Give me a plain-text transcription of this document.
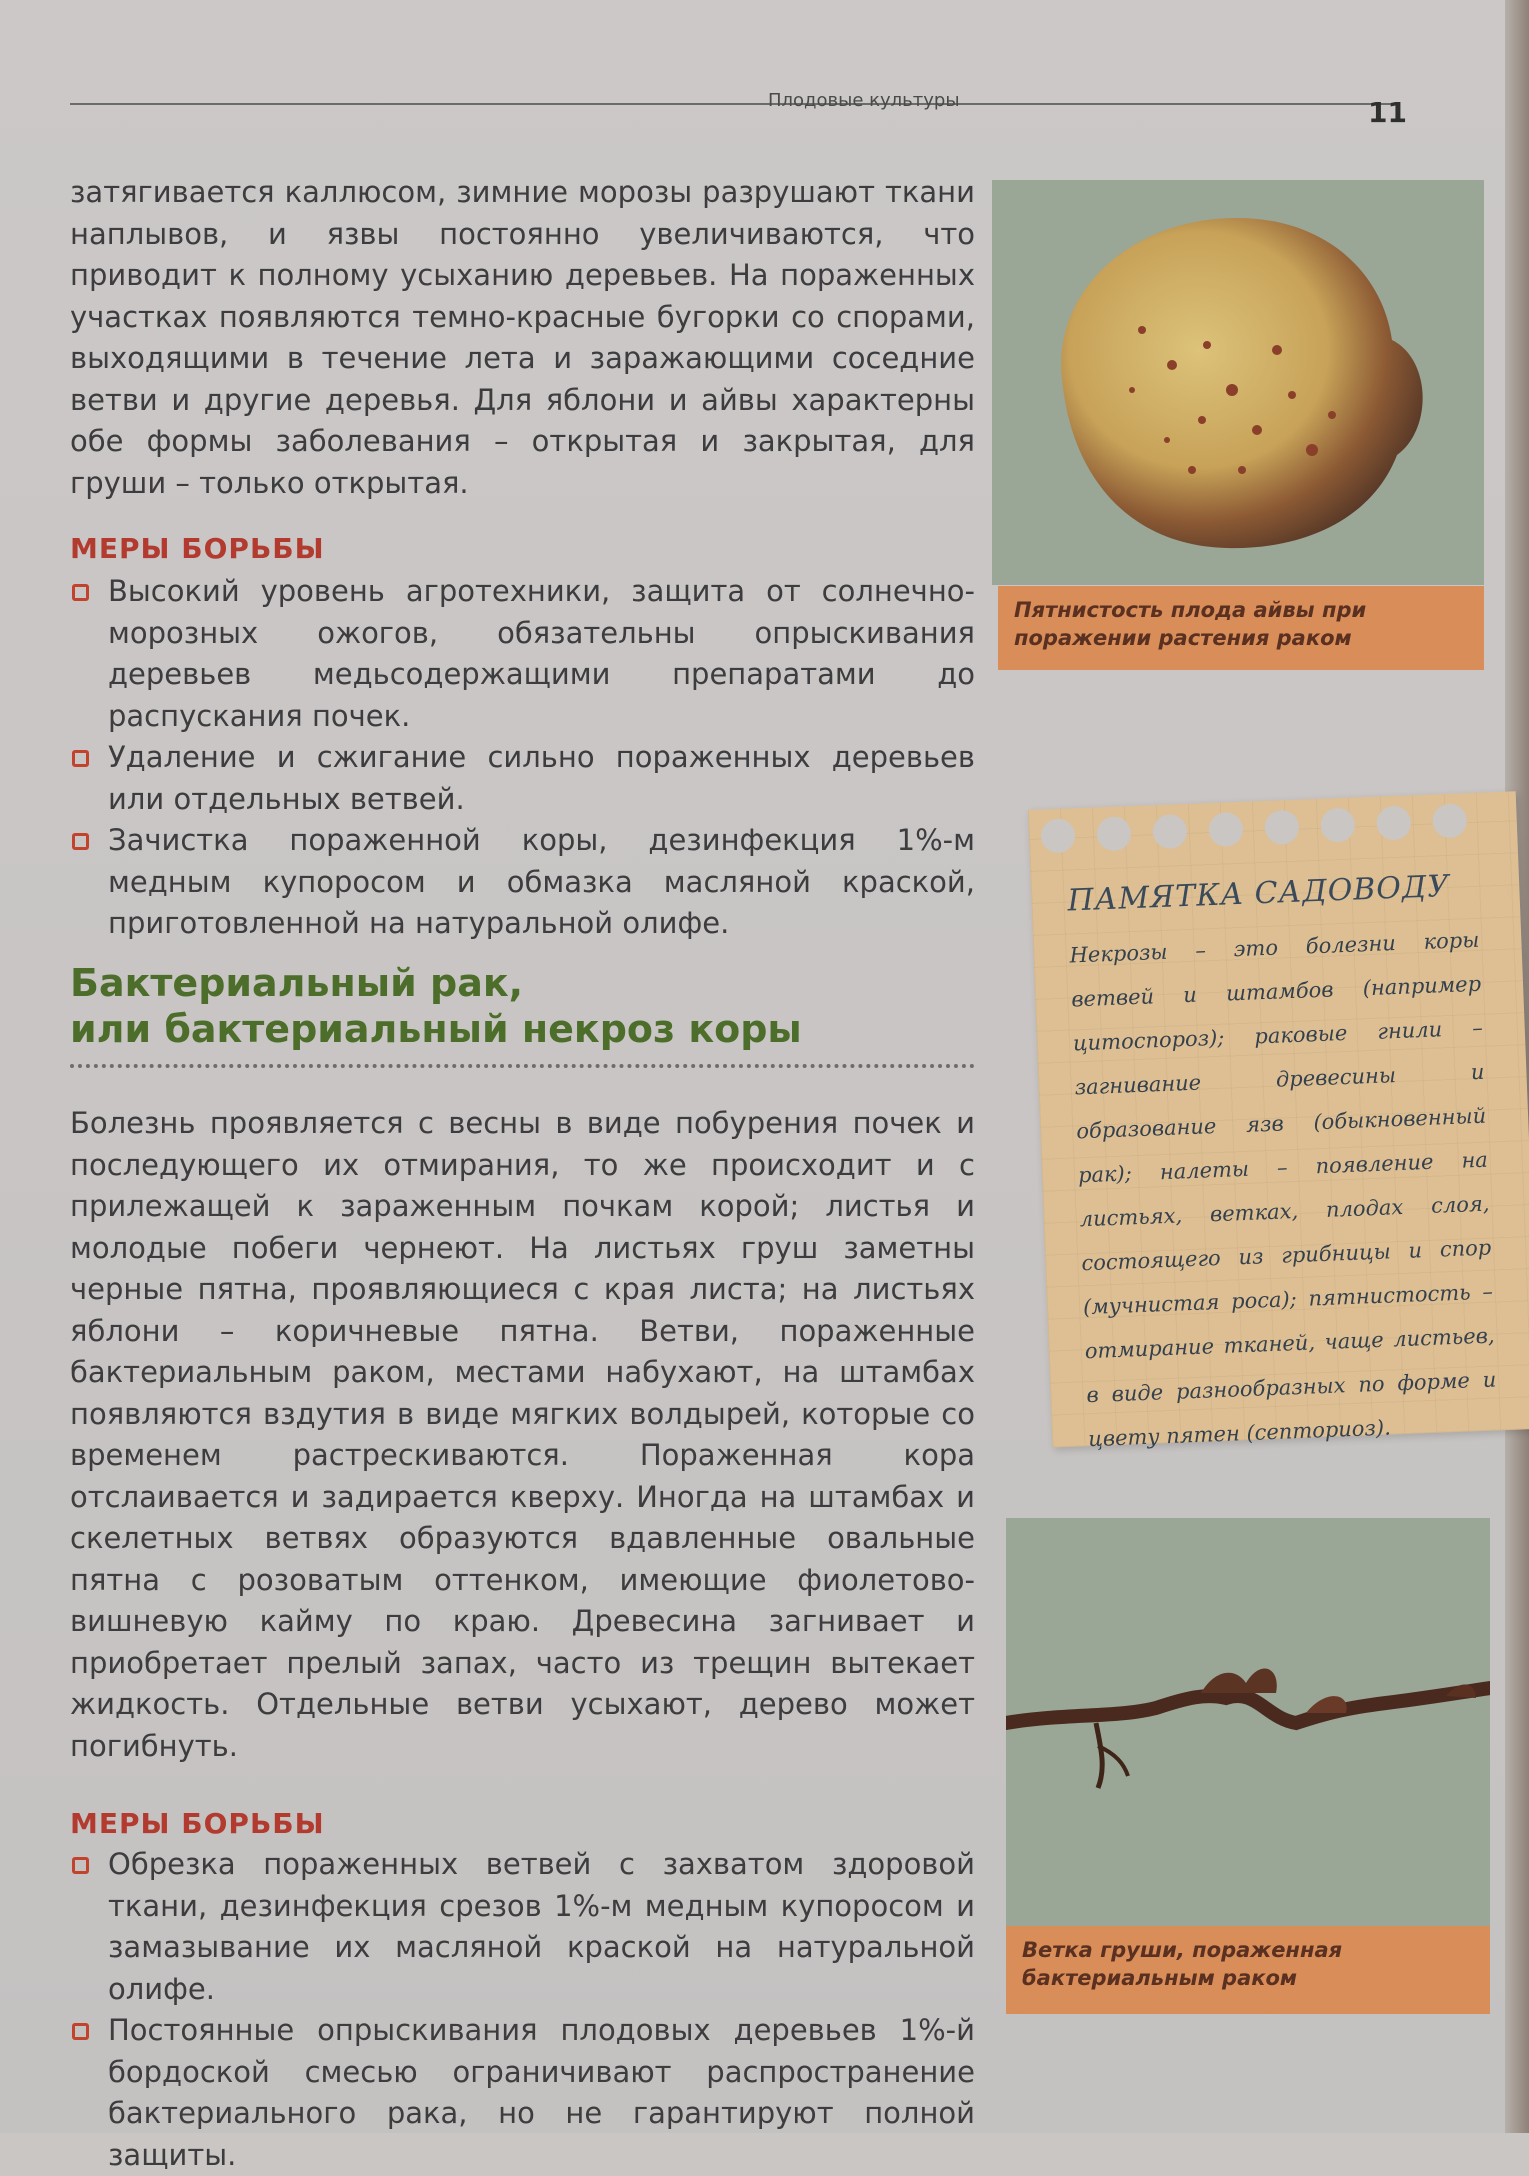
Плодовые культуры	11

затягивается каллюсом, зимние морозы разрушают ткани наплывов, и язвы постоянно увеличиваются, что приводит к полному усыханию деревьев. На пораженных участках появляются темно-красные бугорки со спорами, выходящими в течение лета и заражающими соседние ветви и другие деревья. Для яблони и айвы характерны обе формы заболевания – открытая и закрытая, для груши – только открытая.

МЕРЫ БОРЬБЫ

Высокий уровень агротехники, защита от солнечно-морозных ожогов, обязательны опрыскивания деревьев медьсодержащими препаратами до распускания почек.
Удаление и сжигание сильно пораженных деревьев или отдельных ветвей.
Зачистка пораженной коры, дезинфекция 1%-м медным купоросом и обмазка масляной краской, приготовленной на натуральной олифе.

Бактериальный рак,

или бактериальный некроз коры

Болезнь проявляется с весны в виде побурения почек и последующего их отмирания, то же происходит и с прилежащей к зараженным почкам корой; листья и молодые побеги чернеют. На листьях груш заметны черные пятна, проявляющиеся с края листа; на листьях яблони – коричневые пятна. Ветви, пораженные бактериальным раком, местами набухают, на штамбах появляются вздутия в виде мягких волдырей, которые со временем растрескиваются. Пораженная кора отслаивается и задирается кверху. Иногда на штамбах и скелетных ветвях образуются вдавленные овальные пятна с розоватым оттенком, имеющие фиолетово-вишневую кайму по краю. Древесина загнивает и приобретает прелый запах, часто из трещин вытекает жидкость. Отдельные ветви усыхают, дерево может погибнуть.

МЕРЫ БОРЬБЫ

Обрезка пораженных ветвей с захватом здоровой ткани, дезинфекция срезов 1%-м медным купоросом и замазывание их масляной краской на натуральной олифе.
Постоянные опрыскивания плодовых деревьев 1%-й бордоской смесью ограничивают распространение бактериального рака, но не гарантируют полной защиты.
Пятнистость плода айвы при поражении растения раком
ПАМЯТКА САДОВОДУ
Некрозы – это болезни коры ветвей и штамбов (например цитоспороз); раковые гнили – загнивание древесины и образование язв (обыкновенный рак); налеты – появление на листьях, ветках, плодах слоя, состоящего из грибницы и спор (мучнистая роса); пятнистость – отмирание тканей, чаще листьев, в виде разнообразных по форме и цвету пятен (септориоз).
Ветка груши, пораженная бактериальным раком
